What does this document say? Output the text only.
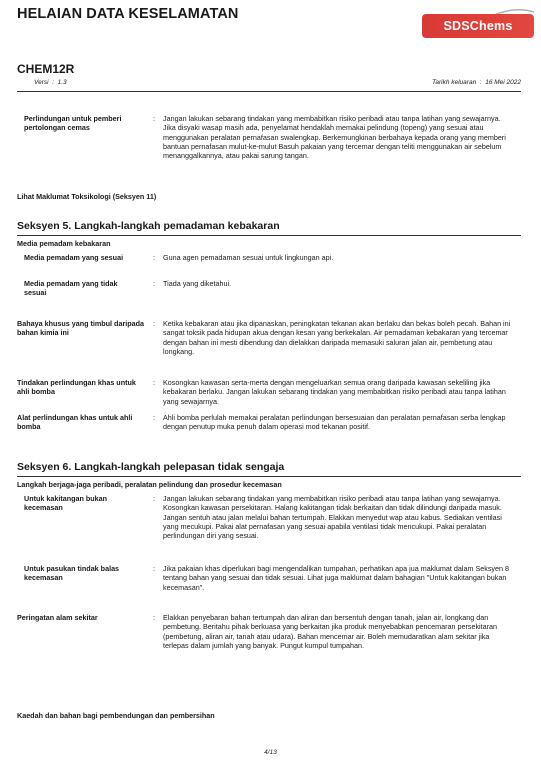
HELAIAN DATA KESELAMATAN
SDSChems
CHEM12R
Versi  :  1.3	Tarikh keluaran  :  16 Mei 2022
Perlindungan untuk pemberi pertolongan cemas
: Jangan lakukan sebarang tindakan yang membabitkan risiko peribadi atau tanpa latihan yang sewajarnya. Jika disyaki wasap masih ada, penyelamat hendaklah memakai pelindung (topeng) yang sesuai atau menggunakan peralatan pernafasan swalengkap. Berkemungkinan berbahaya kepada orang yang memberi bantuan pernafasan mulut-ke-mulut Basuh pakaian yang tercemar dengan teliti menggunakan air sebelum menanggalkannya, atau pakai sarung tangan.
Lihat Maklumat Toksikologi (Seksyen 11)
Seksyen 5. Langkah-langkah pemadaman kebakaran
Media pemadam kebakaran
Media pemadam yang sesuai	: Guna agen pemadaman sesuai untuk lingkungan api.
Media pemadam yang tidak sesuai
: Tiada yang diketahui.
Bahaya khusus yang timbul daripada bahan kimia ini
: Ketika kebakaran atau jika dipanaskan, peningkatan tekanan akan berlaku dan bekas boleh pecah. Bahan ini sangat toksik pada hidupan akua dengan kesan yang berkekalan. Air pemadaman kebakaran yang tercemar dengan bahan ini mesti dibendung dan dielakkan daripada memasuki saluran jalan air, pembetung atau longkang.
Tindakan perlindungan khas untuk ahli bomba
: Kosongkan kawasan serta-merta dengan mengeluarkan semua orang daripada kawasan sekeliling jika kebakaran berlaku. Jangan lakukan sebarang tindakan yang membabitkan risiko peribadi atau tanpa latihan yang sewajarnya.
Alat perlindungan khas untuk ahli bomba
: Ahli bomba perlulah memakai peralatan perlindungan bersesuaian dan peralatan pernafasan serba lengkap dengan penutup muka penuh dalam operasi mod tekanan positif.
Seksyen 6. Langkah-langkah pelepasan tidak sengaja
Langkah berjaga-jaga peribadi, peralatan pelindung dan prosedur kecemasan
Untuk kakitangan bukan kecemasan
: Jangan lakukan sebarang tindakan yang membabitkan risiko peribadi atau tanpa latihan yang sewajarnya. Kosongkan kawasan persekitaran. Halang kakitangan tidak berkaitan dan tidak dilindungi daripada masuk. Jangan sentuh atau jalan melalui bahan tertumpah. Elakkan menyedut wap atau kabus. Sediakan ventilasi yang mecukupi. Pakai alat pernafasan yang sesuai apabila ventilasi tidak mencukupi. Pakai peralatan perlindungan diri yang sesuai.
Untuk pasukan tindak balas kecemasan
: Jika pakaian khas diperlukan bagi mengendalikan tumpahan, perhatikan apa jua maklumat dalam Seksyen 8 tentang bahan yang sesuai dan tidak sesuai. Lihat juga maklumat dalam bahagian "Untuk kakitangan bukan kecemasan".
Peringatan alam sekitar	: Elakkan penyebaran bahan tertumpah dan aliran dan bersentuh dengan tanah, jalan air, longkang dan pembetung. Beritahu pihak berkuasa yang berkaitan jika produk menyebabkan pencemaran persekitaran (pembetung, aliran air, tanah atau udara). Bahan mencemar air. Boleh memudaratkan alam sekitar jika terlepas dalam jumlah yang banyak. Pungut kumpul tumpahan.
Kaedah dan bahan bagi pembendungan dan pembersihan
4/13
